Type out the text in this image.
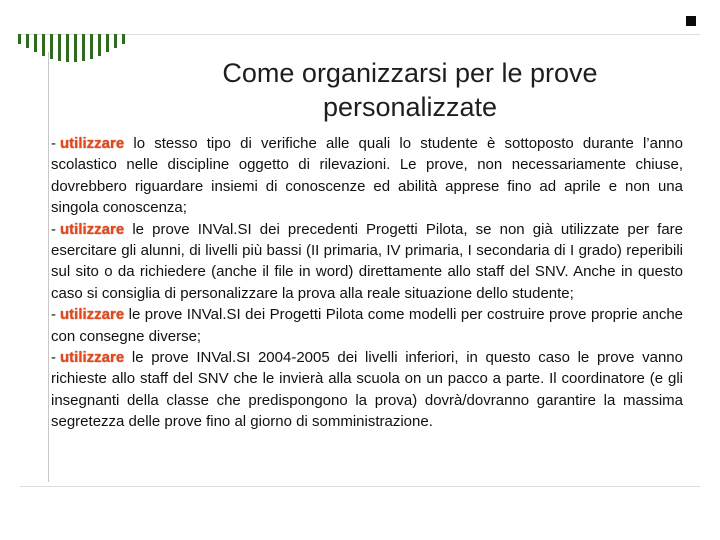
Come organizzarsi per le prove
personalizzate

- utilizzare lo stesso tipo di verifiche alle quali lo studente è sottoposto durante l’anno scolastico nelle discipline oggetto di rilevazioni. Le prove, non necessariamente chiuse, dovrebbero riguardare insiemi di conoscenze ed abilità apprese fino ad aprile e non una singola conoscenza;

- utilizzare le prove INVal.SI dei precedenti Progetti Pilota, se non già utilizzate per fare esercitare gli alunni, di livelli più bassi (II primaria, IV primaria, I secondaria di I grado) reperibili sul sito o da richiedere (anche il file in word) direttamente allo staff del SNV. Anche in questo caso si consiglia di personalizzare la prova alla reale situazione dello studente;

- utilizzare le prove INVal.SI dei Progetti Pilota come modelli per costruire prove proprie anche con consegne diverse;

- utilizzare le prove INVal.SI 2004-2005 dei livelli inferiori, in questo caso le prove vanno richieste allo staff del SNV che le invierà alla scuola on un pacco a parte. Il coordinatore (e gli insegnanti della classe che predispongono la prova) dovrà/dovranno garantire la massima segretezza delle prove fino al giorno di somministrazione.
